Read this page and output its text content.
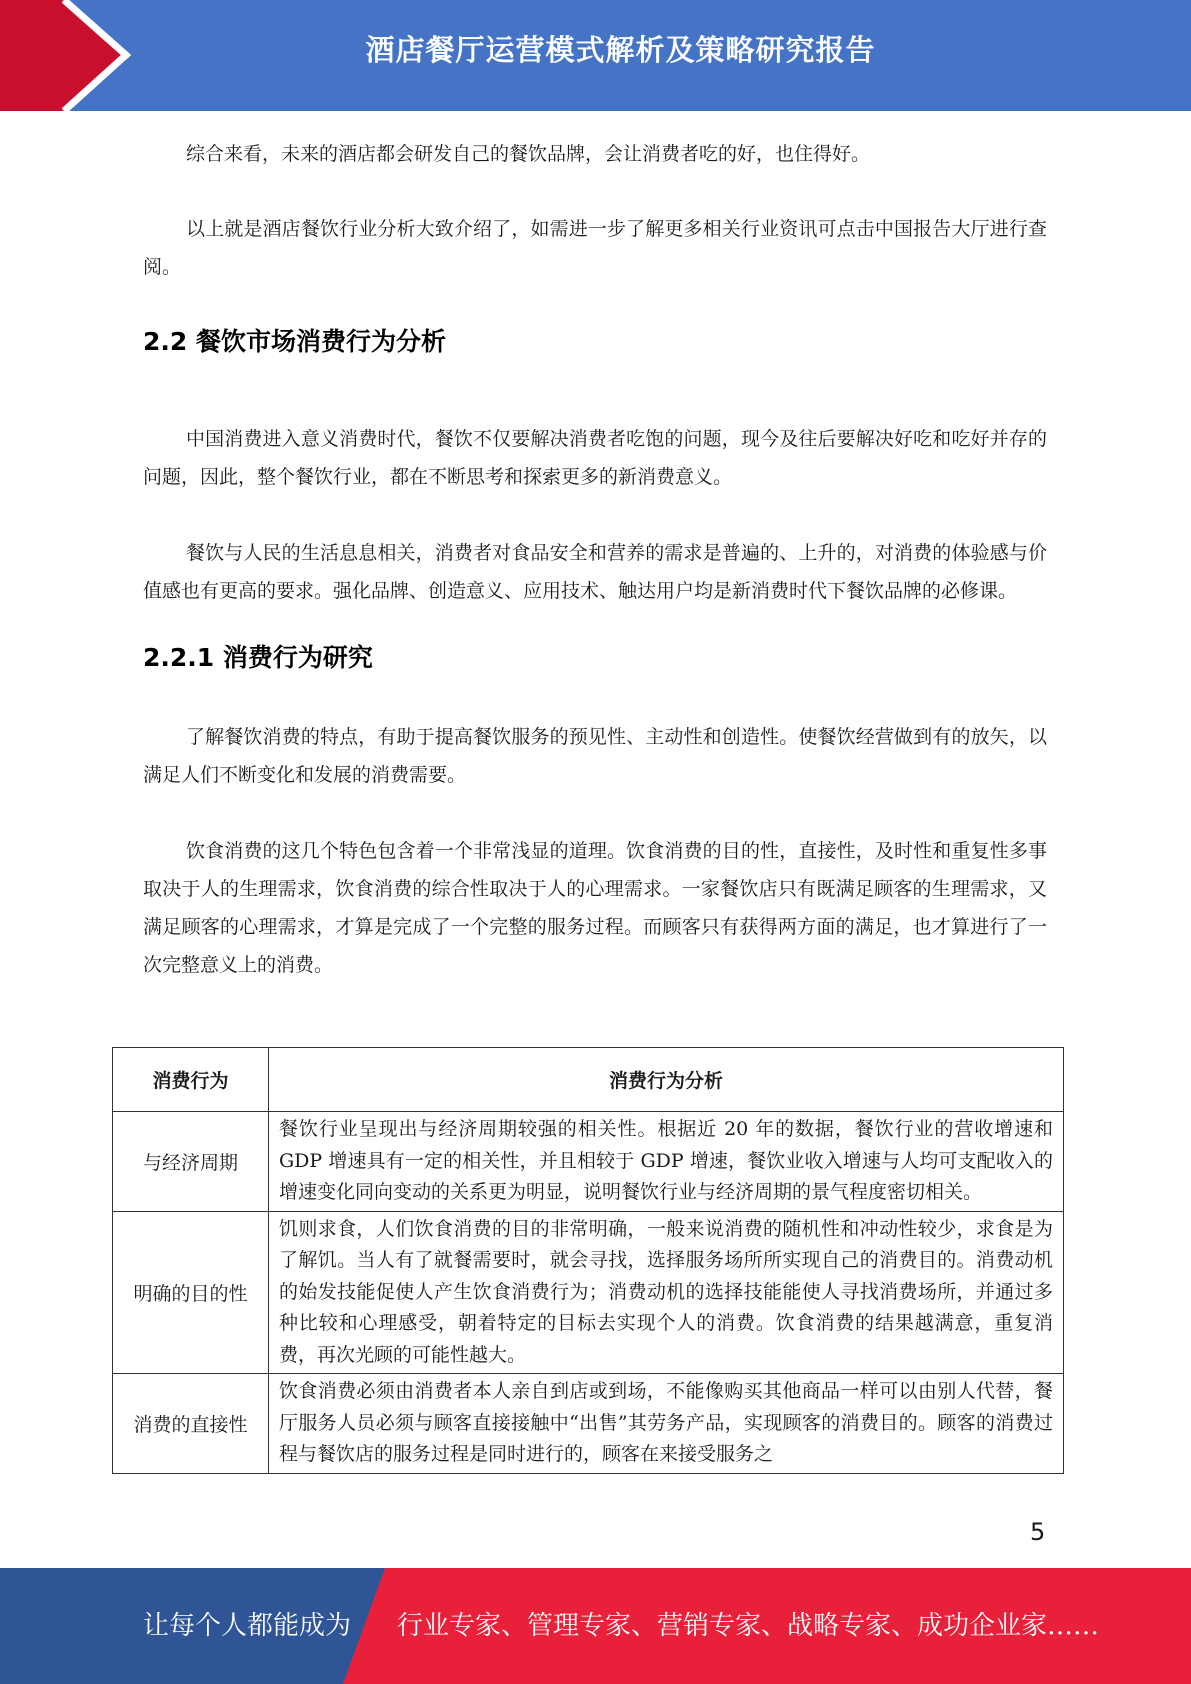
酒店餐厅运营模式解析及策略研究报告

综合来看，未来的酒店都会研发自己的餐饮品牌，会让消费者吃的好，也住得好。

以上就是酒店餐饮行业分析大致介绍了，如需进一步了解更多相关行业资讯可点击中国报告大厅进行查阅。

2.2 餐饮市场消费行为分析

中国消费进入意义消费时代，餐饮不仅要解决消费者吃饱的问题，现今及往后要解决好吃和吃好并存的问题，因此，整个餐饮行业，都在不断思考和探索更多的新消费意义。

餐饮与人民的生活息息相关，消费者对食品安全和营养的需求是普遍的、上升的，对消费的体验感与价值感也有更高的要求。强化品牌、创造意义、应用技术、触达用户均是新消费时代下餐饮品牌的必修课。

2.2.1 消费行为研究

了解餐饮消费的特点，有助于提高餐饮服务的预见性、主动性和创造性。使餐饮经营做到有的放矢，以满足人们不断变化和发展的消费需要。

饮食消费的这几个特色包含着一个非常浅显的道理。饮食消费的目的性，直接性，及时性和重复性多事取决于人的生理需求，饮食消费的综合性取决于人的心理需求。一家餐饮店只有既满足顾客的生理需求，又满足顾客的心理需求，才算是完成了一个完整的服务过程。而顾客只有获得两方面的满足，也才算进行了一次完整意义上的消费。

消费行为	消费行为分析
与经济周期	餐饮行业呈现出与经济周期较强的相关性。根据近 20 年的数据，餐饮行业的营收增速和 GDP 增速具有一定的相关性，并且相较于 GDP 增速，餐饮业收入增速与人均可支配收入的增速变化同向变动的关系更为明显，说明餐饮行业与经济周期的景气程度密切相关。
明确的目的性	饥则求食，人们饮食消费的目的非常明确，一般来说消费的随机性和冲动性较少，求食是为了解饥。当人有了就餐需要时，就会寻找，选择服务场所所实现自己的消费目的。消费动机的始发技能促使人产生饮食消费行为；消费动机的选择技能能使人寻找消费场所，并通过多种比较和心理感受，朝着特定的目标去实现个人的消费。饮食消费的结果越满意，重复消费，再次光顾的可能性越大。
消费的直接性	饮食消费必须由消费者本人亲自到店或到场，不能像购买其他商品一样可以由别人代替，餐厅服务人员必须与顾客直接接触中“出售”其劳务产品，实现顾客的消费目的。顾客的消费过程与餐饮店的服务过程是同时进行的，顾客在来接受服务之
5
让每个人都能成为 行业专家、管理专家、营销专家、战略专家、成功企业家……
